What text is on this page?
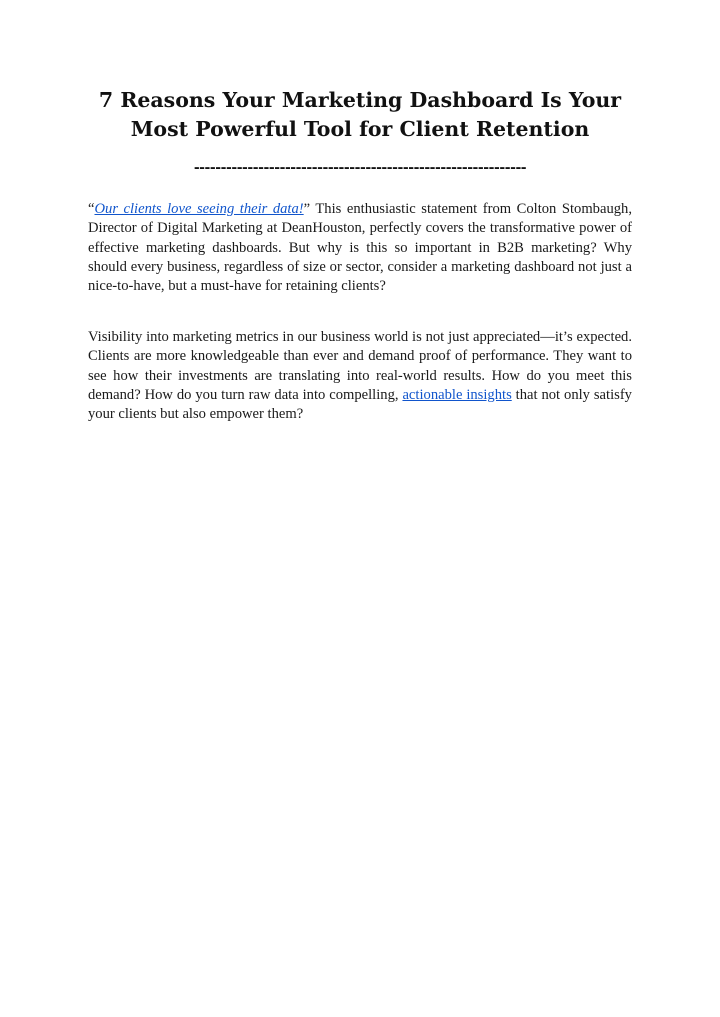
7 Reasons Your Marketing Dashboard Is Your Most Powerful Tool for Client Retention
--------------------------------------------------------------

“Our clients love seeing their data!” This enthusiastic statement from Colton Stombaugh, Director of Digital Marketing at DeanHouston, perfectly covers the transformative power of effective marketing dashboards. But why is this so important in B2B marketing? Why should every business, regardless of size or sector, consider a marketing dashboard not just a nice-to-have, but a must-have for retaining clients?

Visibility into marketing metrics in our business world is not just appreciated—it’s expected. Clients are more knowledgeable than ever and demand proof of performance. They want to see how their investments are translating into real-world results. How do you meet this demand? How do you turn raw data into compelling, actionable insights that not only satisfy your clients but also empower them?
